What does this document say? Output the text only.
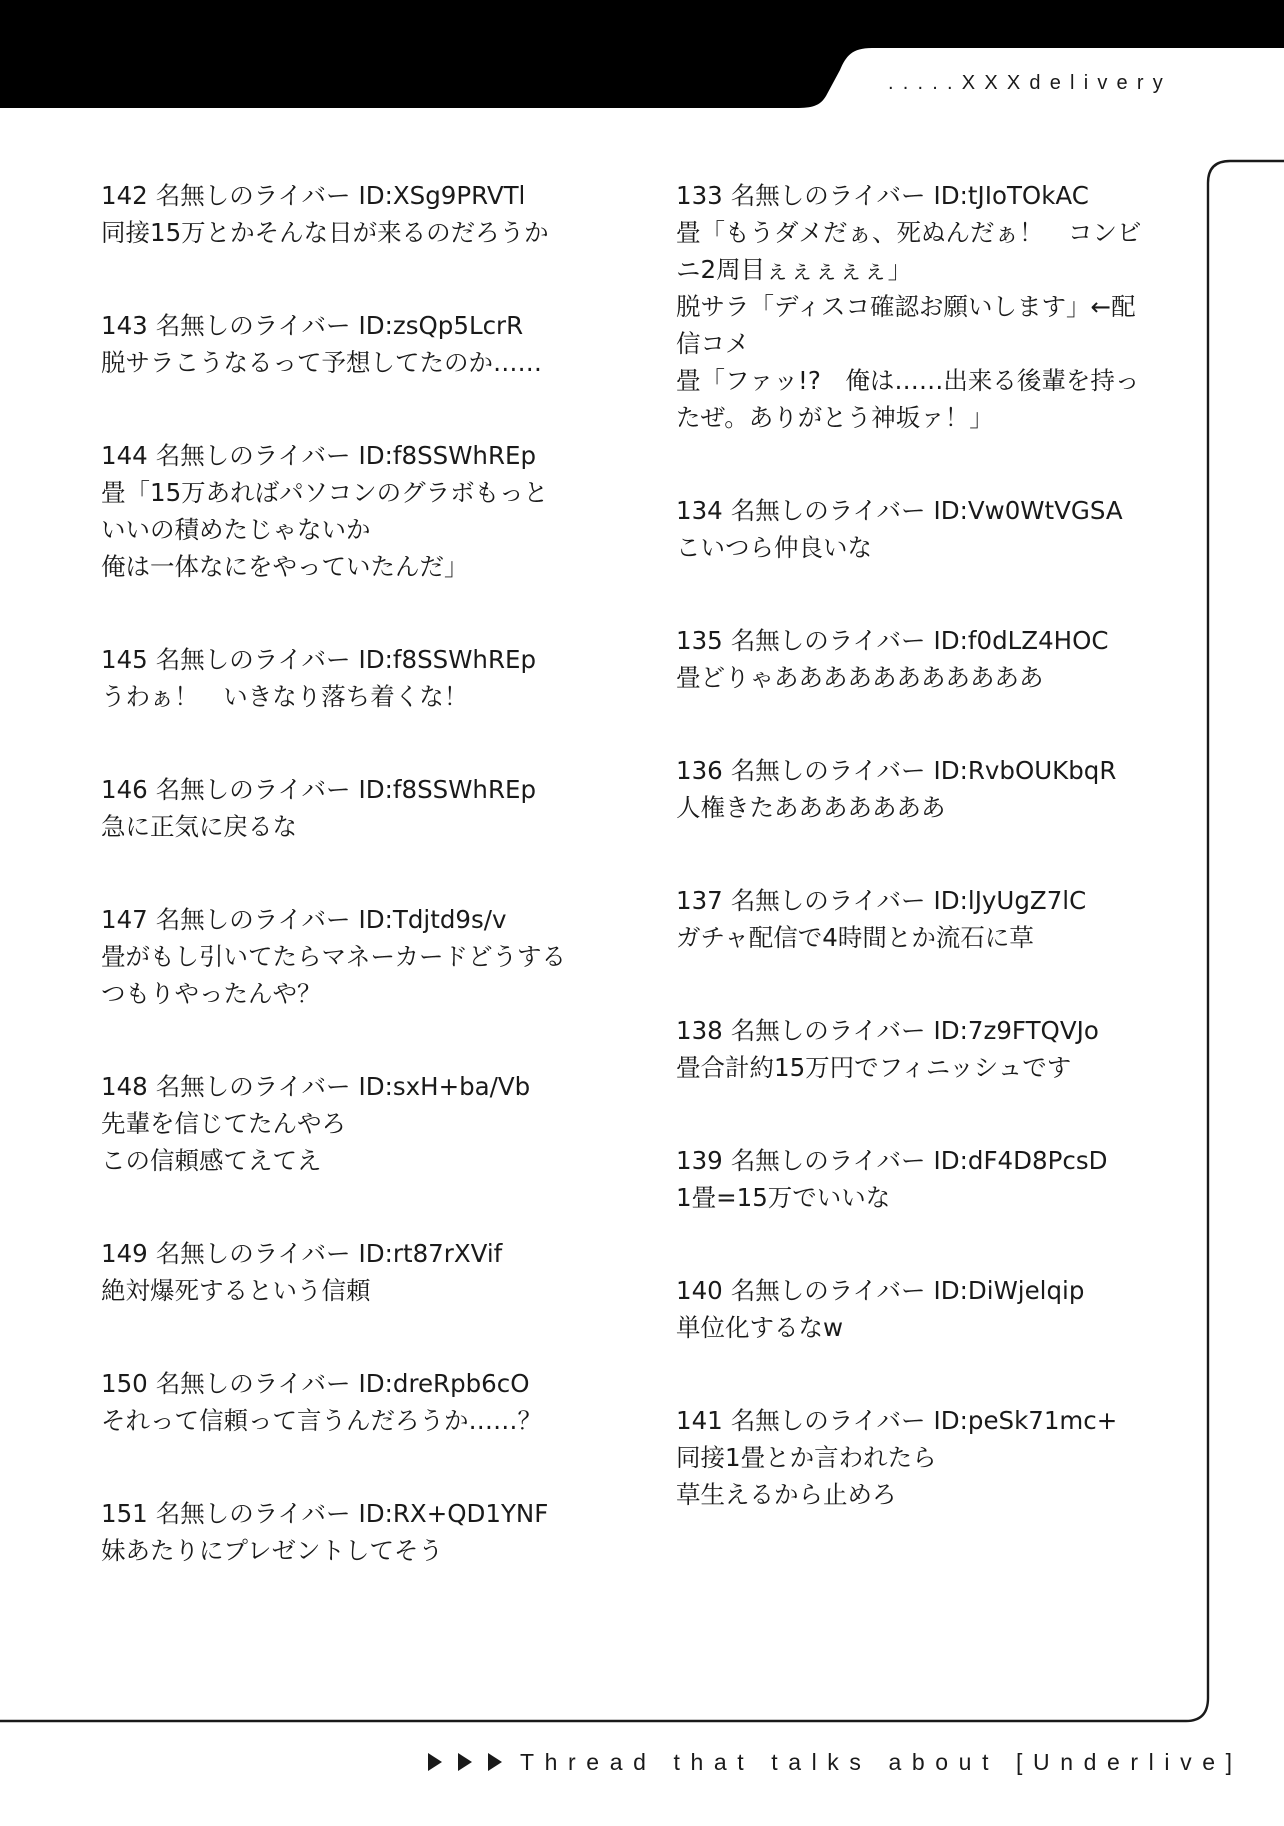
.....XXXdelivery
142 名無しのライバー ID:XSg9PRVTl
同接15万とかそんな日が来るのだろうか
143 名無しのライバー ID:zsQp5LcrR
脱サラこうなるって予想してたのか……
144 名無しのライバー ID:f8SSWhREp
畳「15万あればパソコンのグラボもっと
いいの積めたじゃないか
俺は一体なにをやっていたんだ」
145 名無しのライバー ID:f8SSWhREp
うわぁ！　いきなり落ち着くな！
146 名無しのライバー ID:f8SSWhREp
急に正気に戻るな
147 名無しのライバー ID:Tdjtd9s/v
畳がもし引いてたらマネーカードどうする
つもりやったんや？
148 名無しのライバー ID:sxH+ba/Vb
先輩を信じてたんやろ
この信頼感てえてえ
149 名無しのライバー ID:rt87rXVif
絶対爆死するという信頼
150 名無しのライバー ID:dreRpb6cO
それって信頼って言うんだろうか……？
151 名無しのライバー ID:RX+QD1YNF
妹あたりにプレゼントしてそう
133 名無しのライバー ID:tJIoTOkAC
畳「もうダメだぁ、死ぬんだぁ！　コンビ
ニ2周目ぇぇぇぇぇ」
脱サラ「ディスコ確認お願いします」←配
信コメ
畳「ファッ!?　俺は……出来る後輩を持っ
たぜ。ありがとう神坂ァ！」
134 名無しのライバー ID:Vw0WtVGSA
こいつら仲良いな
135 名無しのライバー ID:f0dLZ4HOC
畳どりゃあああああああああああ
136 名無しのライバー ID:RvbOUKbqR
人権きたあああああああ
137 名無しのライバー ID:lJyUgZ7lC
ガチャ配信で4時間とか流石に草
138 名無しのライバー ID:7z9FTQVJo
畳合計約15万円でフィニッシュです
139 名無しのライバー ID:dF4D8PcsD
1畳=15万でいいな
140 名無しのライバー ID:DiWjelqip
単位化するなw
141 名無しのライバー ID:peSk71mc+
同接1畳とか言われたら
草生えるから止めろ
Thread that talks about [Underlive]
